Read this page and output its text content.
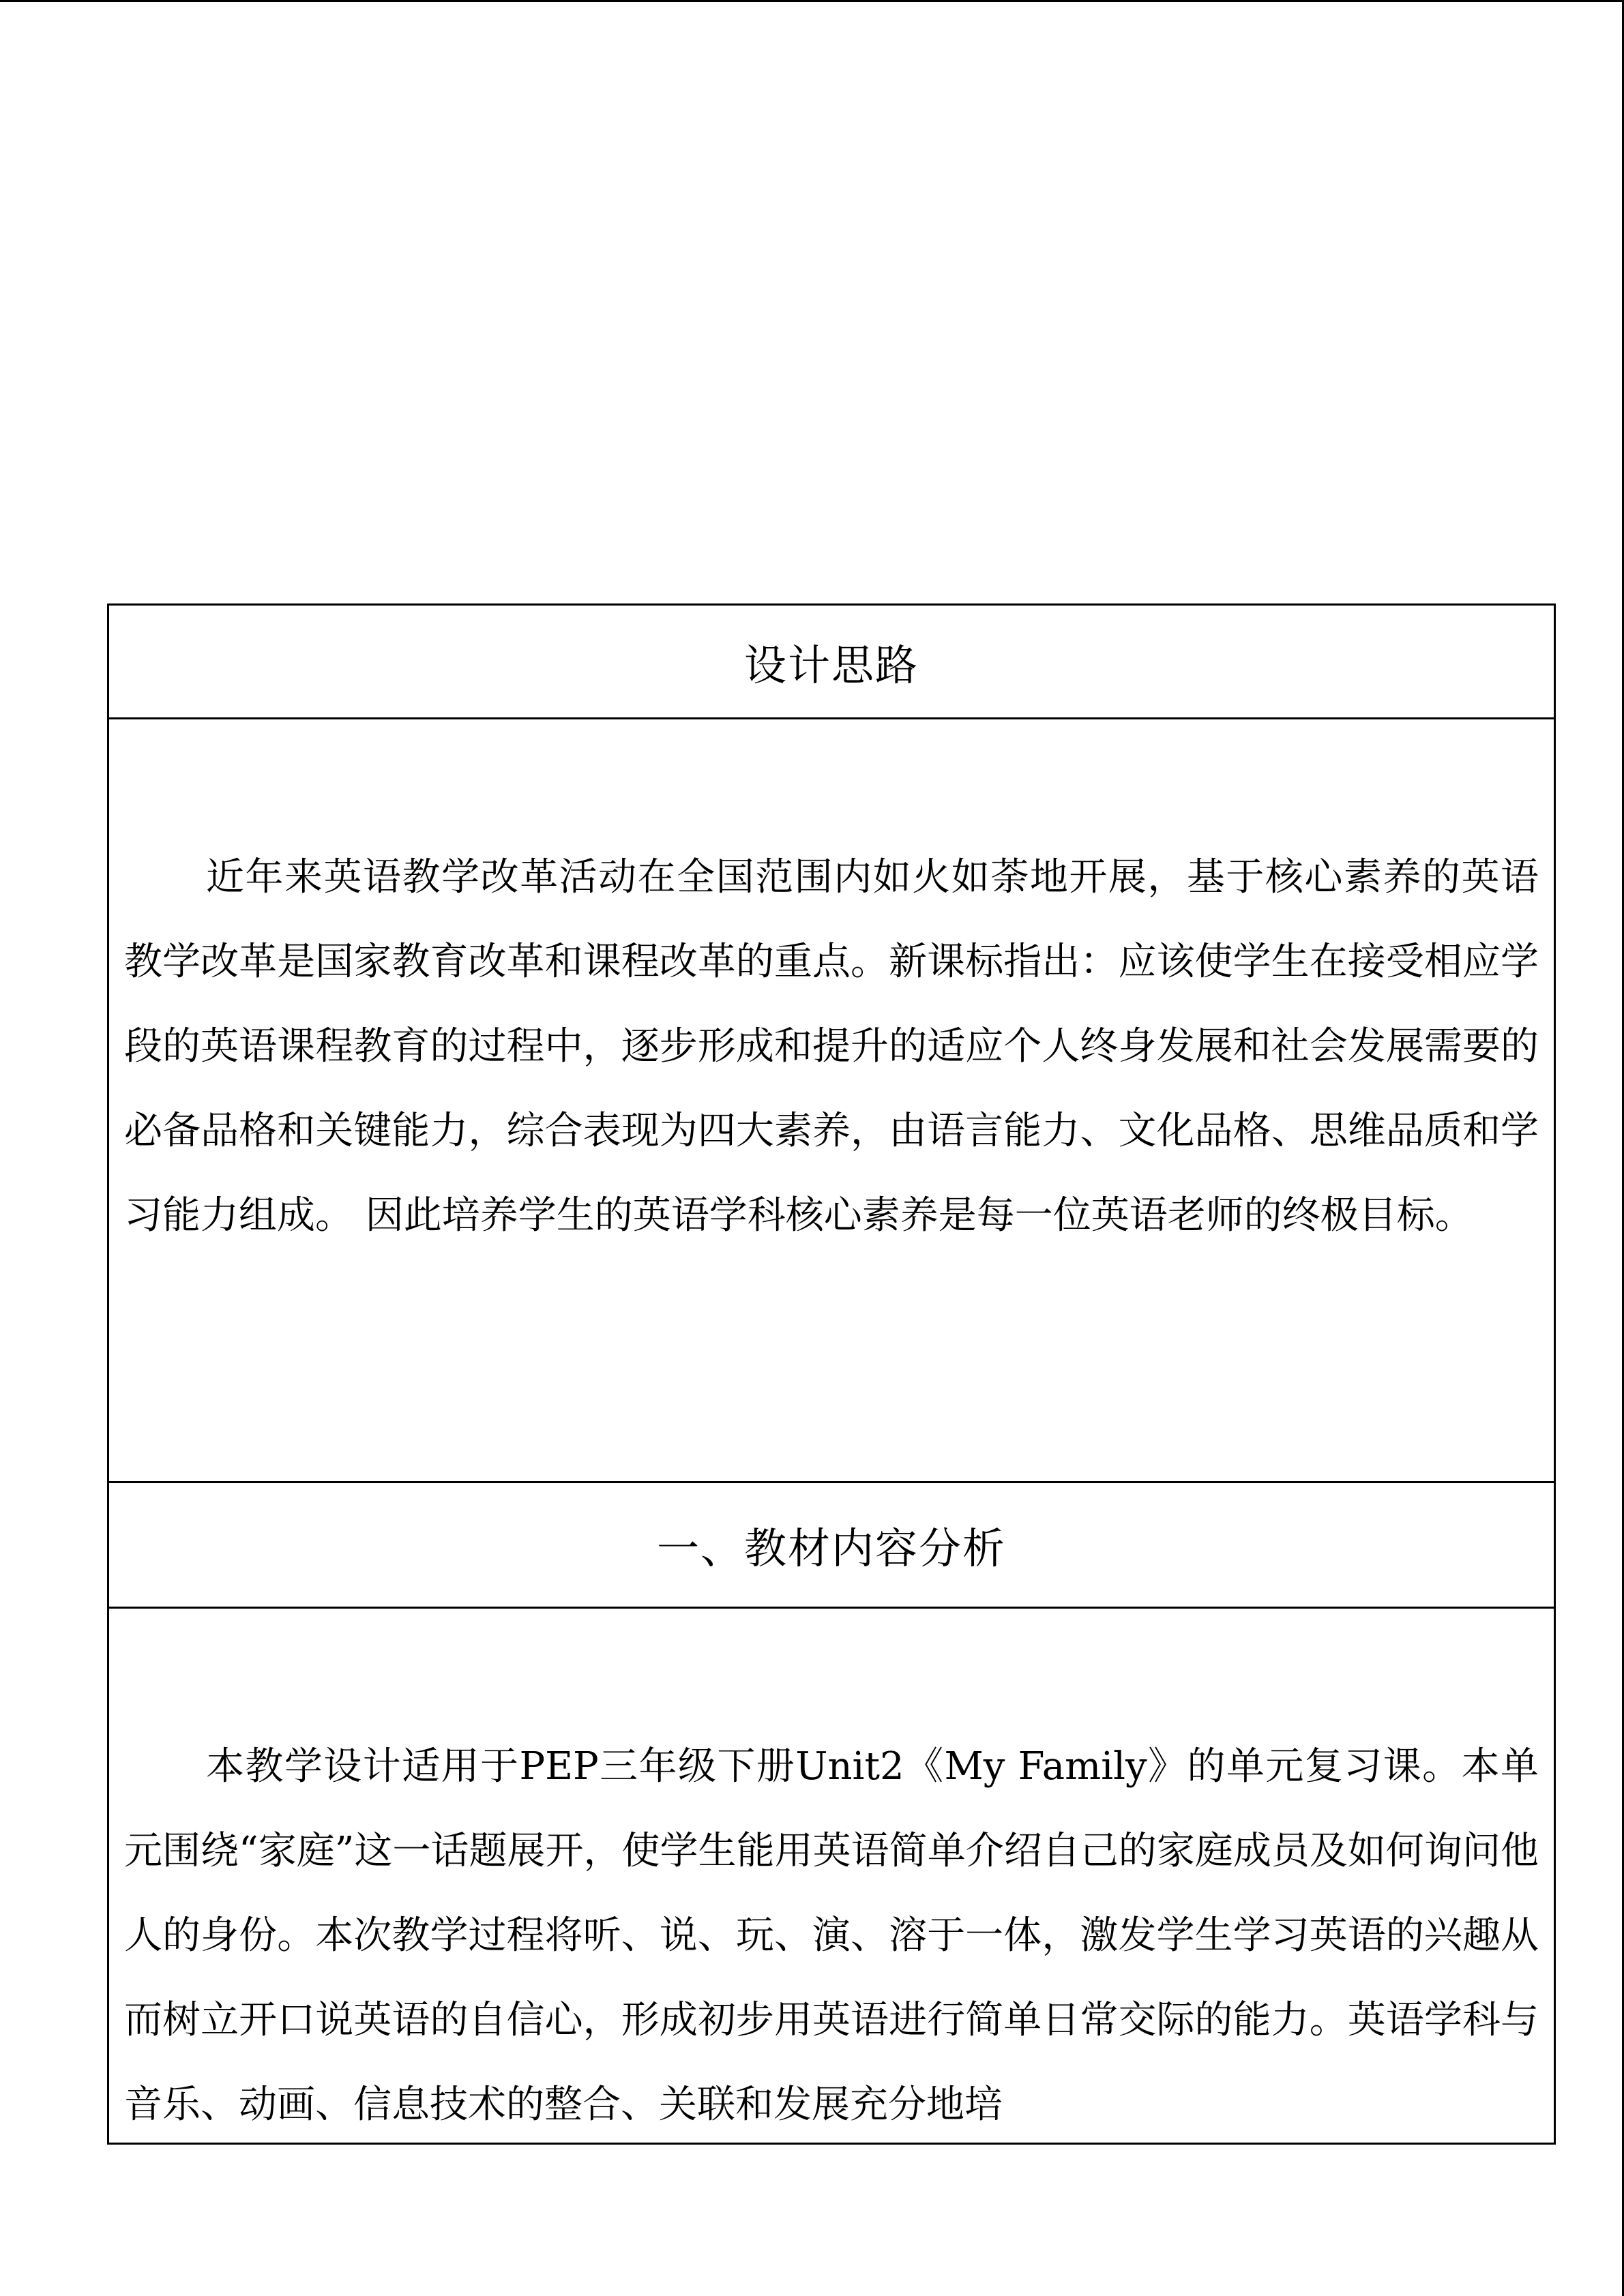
设计思路

近年来英语教学改革活动在全国范围内如火如荼地开展，基于核心素养的英语教学改革是国家教育改革和课程改革的重点。新课标指出：应该使学生在接受相应学段的英语课程教育的过程中，逐步形成和提升的适应个人终身发展和社会发展需要的必备品格和关键能力，综合表现为四大素养，由语言能力、文化品格、思维品质和学习能力组成。 因此培养学生的英语学科核心素养是每一位英语老师的终极目标。

一、教材内容分析

本教学设计适用于PEP三年级下册Unit2《My Family》的单元复习课。本单元围绕“家庭”这一话题展开，使学生能用英语简单介绍自己的家庭成员及如何询问他人的身份。本次教学过程将听、说、玩、演、溶于一体，激发学生学习英语的兴趣从而树立开口说英语的自信心，形成初步用英语进行简单日常交际的能力。英语学科与音乐、动画、信息技术的整合、关联和发展充分地培
